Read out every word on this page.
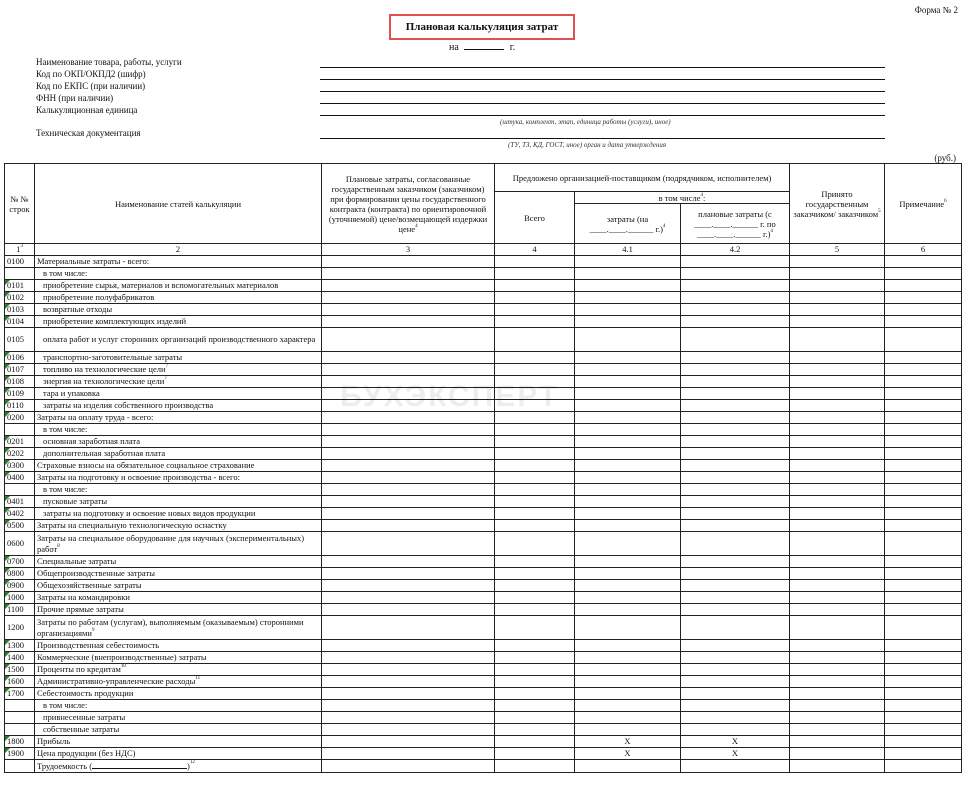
Форма № 2
Плановая калькуляция затрат
на	г.
Наименование товара, работы, услуги
Код по ОКП/ОКПД2 (шифр)
Код по ЕКПС (при наличии)
ФНН (при наличии)
Калькуляционная единица
Техническая документация
(штука, комплект, этап, единица работы (услуги), иное)
(ТУ, ТЗ, КД, ГОСТ, иное) орган и дата утверждения
(руб.)
№ № строк	Наименование статей калькуляции	Плановые затраты, согласованные государственным заказчиком (заказчиком) при формировании цены государственного контракта (контракта) по ориентировочной (уточняемой) цене/возмещающей издержки цене$^4$	Предложено организацией-поставщиком (подрядчиком, исполнителем)			Принято государственным заказчиком/ заказчиком$^5$	Примечание$^6$
			Всего	в том числе$^4$:			
				затраты (на ____.____.______ г.)$^4$	плановые затраты (с ____.____.______ г. по ____.____.______ г.)$^4$
$1^3$	2	3	4	4.1	4.2	5	6
0100	Материальные затраты - всего:						
	в том числе:						

0101	приобретение сырья, материалов и вспомогательных материалов						

0102	приобретение полуфабрикатов						

0103	возвратные отходы						

0104	приобретение комплектующих изделий						
0105	оплата работ и услуг сторонних организаций производственного характера						

0106	транспортно-заготовительные затраты						

0107	топливо на технологические цели$^7$						

0108	энергия на технологические цели$^7$						

0109	тара и упаковка						

0110	затраты на изделия собственного производства						

0200	Затраты на оплату труда - всего:						
	в том числе:						

0201	основная заработная плата						

0202	дополнительная заработная плата						

0300	Страховые взносы на обязательное социальное страхование						

0400	Затраты на подготовку и освоение производства - всего:						
	в том числе:						

0401	пусковые затраты						

0402	затраты на подготовку и освоение новых видов продукции						

0500	Затраты на специальную технологическую оснастку						
0600	Затраты на специальное оборудование для научных (экспериментальных) работ$^8$						

0700	Специальные затраты						

0800	Общепроизводственные затраты						

0900	Общехозяйственные затраты						

1000	Затраты на командировки						

1100	Прочие прямые затраты						
1200	Затраты по работам (услугам), выполняемым (оказываемым) сторонними организациями$^9$						

1300	Производственная себестоимость						

1400	Коммерческие (внепроизводственные) затраты						

1500	Проценты по кредитам$^{10}$						

1600	Административно-управленческие расходы$^{11}$						

1700	Себестоимость продукции						
	в том числе:						
	привнесенные затраты						
	собственные затраты						

1800	Прибыль			X	X		

1900	Цена продукции (без НДС)			X	X		
	Трудоемкость ( )$^{12}$						
БУХЭКСПЕРТ
